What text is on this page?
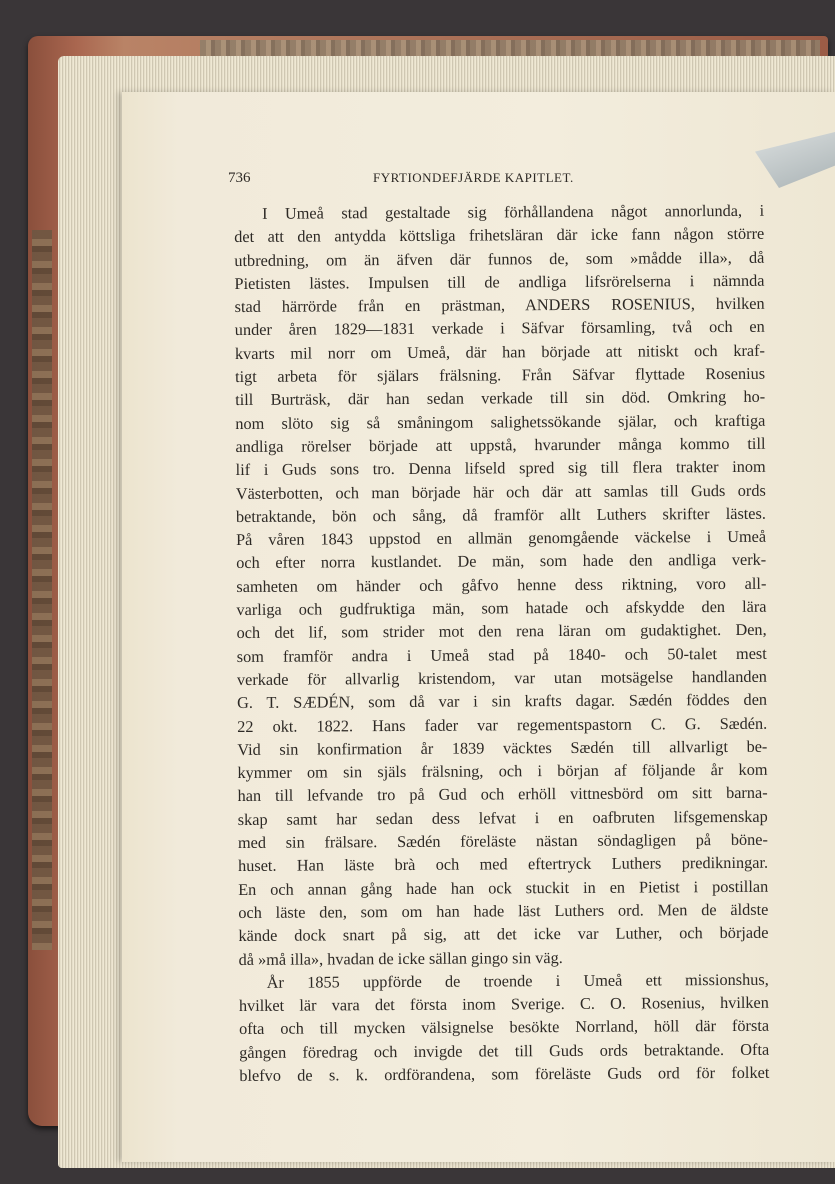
736	FYRTIONDEFJÄRDE KAPITLET.
I Umeå stad gestaltade sig förhållandena något annorlunda, i
det att den antydda köttsliga frihetsläran där icke fann någon större
utbredning, om än äfven där funnos de, som »mådde illa», då
Pietisten lästes. Impulsen till de andliga lifsrörelserna i nämnda
stad härrörde från en prästman, ANDERS ROSENIUS, hvilken
under åren 1829—1831 verkade i Säfvar församling, två och en
kvarts mil norr om Umeå, där han började att nitiskt och kraf-
tigt arbeta för själars frälsning. Från Säfvar flyttade Rosenius
till Burträsk, där han sedan verkade till sin död. Omkring ho-
nom slöto sig så småningom salighetssökande själar, och kraftiga
andliga rörelser började att uppstå, hvarunder många kommo till
lif i Guds sons tro. Denna lifseld spred sig till flera trakter inom
Västerbotten, och man började här och där att samlas till Guds ords
betraktande, bön och sång, då framför allt Luthers skrifter lästes.
På våren 1843 uppstod en allmän genomgående väckelse i Umeå
och efter norra kustlandet. De män, som hade den andliga verk-
samheten om händer och gåfvo henne dess riktning, voro all-
varliga och gudfruktiga män, som hatade och afskydde den lära
och det lif, som strider mot den rena läran om gudaktighet. Den,
som framför andra i Umeå stad på 1840- och 50-talet mest
verkade för allvarlig kristendom, var utan motsägelse handlanden
G. T. SÆDÉN, som då var i sin krafts dagar. Sædén föddes den
22 okt. 1822. Hans fader var regementspastorn C. G. Sædén.
Vid sin konfirmation år 1839 väcktes Sædén till allvarligt be-
kymmer om sin själs frälsning, och i början af följande år kom
han till lefvande tro på Gud och erhöll vittnesbörd om sitt barna-
skap samt har sedan dess lefvat i en oafbruten lifsgemenskap
med sin frälsare. Sædén föreläste nästan söndagligen på böne-
huset. Han läste brà och med eftertryck Luthers predikningar.
En och annan gång hade han ock stuckit in en Pietist i postillan
och läste den, som om han hade läst Luthers ord. Men de äldste
kände dock snart på sig, att det icke var Luther, och började
då »må illa», hvadan de icke sällan gingo sin väg.
År 1855 uppförde de troende i Umeå ett missionshus,
hvilket lär vara det första inom Sverige. C. O. Rosenius, hvilken
ofta och till mycken välsignelse besökte Norrland, höll där första
gången föredrag och invigde det till Guds ords betraktande. Ofta
blefvo de s. k. ordförandena, som föreläste Guds ord för folket
